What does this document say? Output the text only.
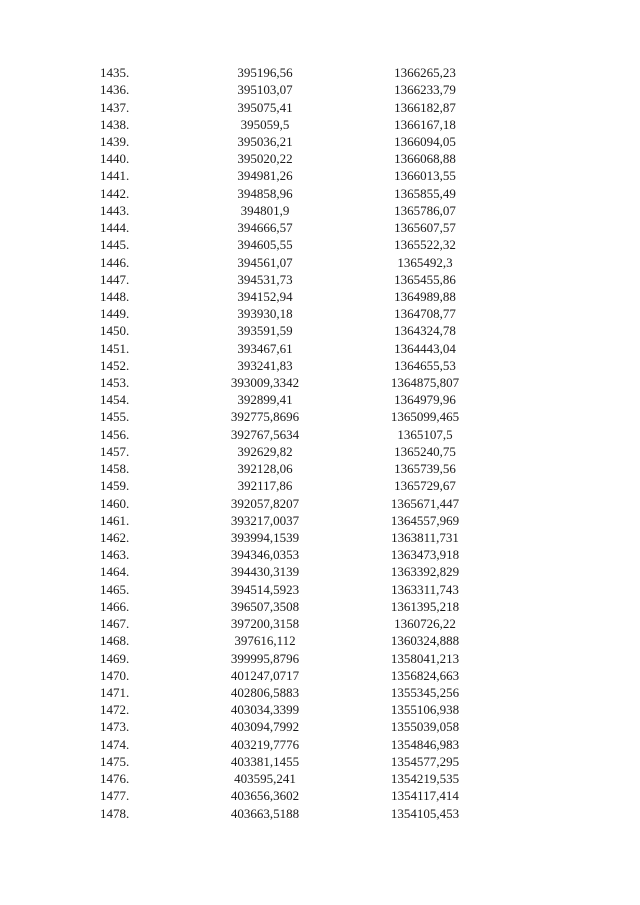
1435.	395196,56	1366265,23
1436.	395103,07	1366233,79
1437.	395075,41	1366182,87
1438.	395059,5	1366167,18
1439.	395036,21	1366094,05
1440.	395020,22	1366068,88
1441.	394981,26	1366013,55
1442.	394858,96	1365855,49
1443.	394801,9	1365786,07
1444.	394666,57	1365607,57
1445.	394605,55	1365522,32
1446.	394561,07	1365492,3
1447.	394531,73	1365455,86
1448.	394152,94	1364989,88
1449.	393930,18	1364708,77
1450.	393591,59	1364324,78
1451.	393467,61	1364443,04
1452.	393241,83	1364655,53
1453.	393009,3342	1364875,807
1454.	392899,41	1364979,96
1455.	392775,8696	1365099,465
1456.	392767,5634	1365107,5
1457.	392629,82	1365240,75
1458.	392128,06	1365739,56
1459.	392117,86	1365729,67
1460.	392057,8207	1365671,447
1461.	393217,0037	1364557,969
1462.	393994,1539	1363811,731
1463.	394346,0353	1363473,918
1464.	394430,3139	1363392,829
1465.	394514,5923	1363311,743
1466.	396507,3508	1361395,218
1467.	397200,3158	1360726,22
1468.	397616,112	1360324,888
1469.	399995,8796	1358041,213
1470.	401247,0717	1356824,663
1471.	402806,5883	1355345,256
1472.	403034,3399	1355106,938
1473.	403094,7992	1355039,058
1474.	403219,7776	1354846,983
1475.	403381,1455	1354577,295
1476.	403595,241	1354219,535
1477.	403656,3602	1354117,414
1478.	403663,5188	1354105,453
